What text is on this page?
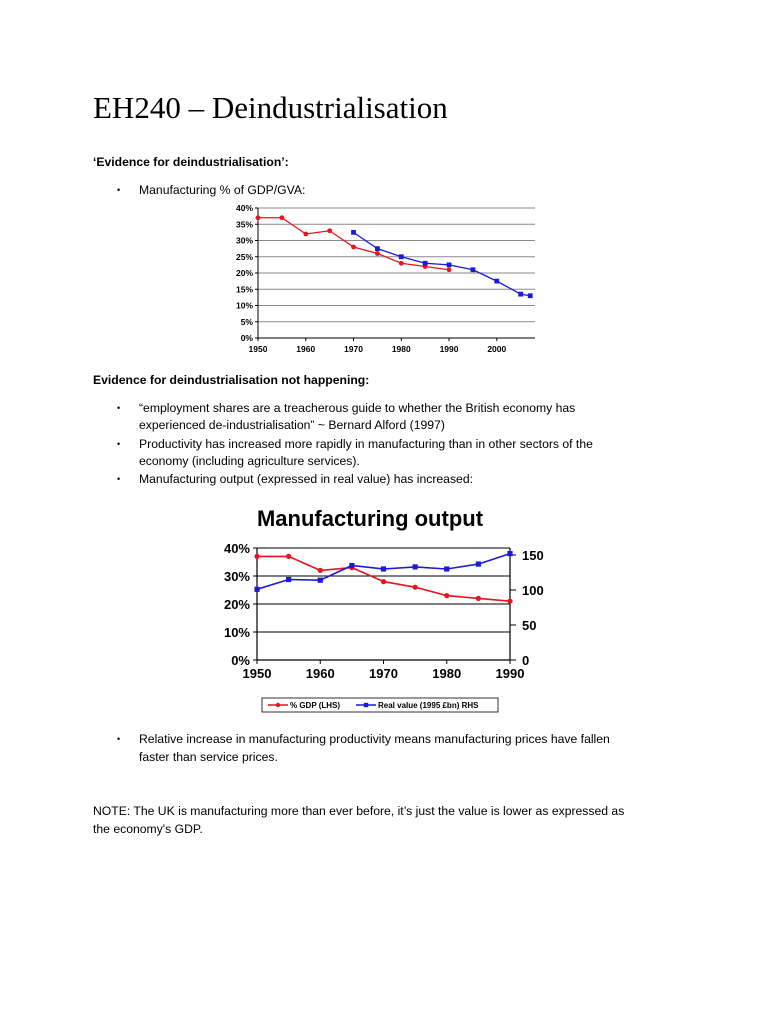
EH240 – Deindustrialisation
‘Evidence for deindustrialisation’:
• Manufacturing % of GDP/GVA:
0%
5%
10%
15%
20%
25%
30%
35%
40%
1950	1960	1970	1980	1990	2000
Evidence for deindustrialisation not happening:
• “employment shares are a treacherous guide to whether the British economy has
experienced de-industrialisation” ~ Bernard Alford (1997)
• Productivity has increased more rapidly in manufacturing than in other sectors of the
economy (including agriculture services).
• Manufacturing output (expressed in real value) has increased:
Manufacturing output
0%
10%
20%
30%
40%
0
50
100
150
1950	1960	1970	1980	1990
% GDP (LHS)	Real value (1995 £bn) RHS
• Relative increase in manufacturing productivity means manufacturing prices have fallen
faster than service prices.
NOTE: The UK is manufacturing more than ever before, it’s just the value is lower as expressed as
the economy's GDP.
